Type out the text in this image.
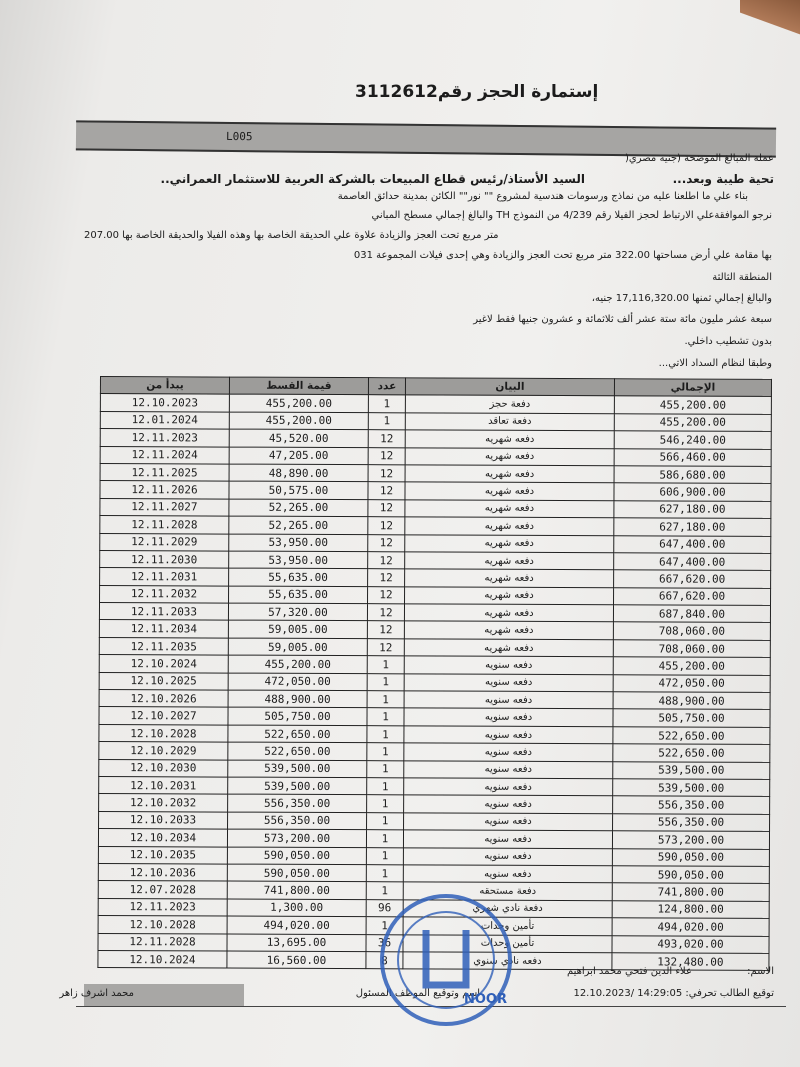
إستمارة الحجز رقم3112612
L005
عملة المبالغ الموضحة (جنيه مصري(
تحية طيبة وبعد...
السيد الأستاذ/رئيس قطاع المبيعات بالشركة العربية للاستثمار العمراني..
بناء علي ما اطلعنا عليه من نماذج ورسومات هندسية لمشروع "" نور"" الكائن بمدينة حدائق العاصمة
نرجو الموافقةعلي الارتباط لحجز الفيلا رقم 4/239 من النموذج TH والبالغ إجمالي مسطح المباني
207.00 متر مربع تحت العجز والزيادة علاوة علي الحديقة الخاصة بها وهذه الفيلا والحديقة الخاصة بها
بها مقامة علي أرض مساحتها 322.00 متر مربع تحت العجز والزيادة وهي إحدى فيلات المجموعة 031
المنطقة الثالثة
والبالغ إجمالي ثمنها 17,116,320.00 جنيه،
سبعة عشر مليون مائة ستة عشر ألف ثلاثمائة و عشرون جنيها فقط لاغير
بدون تشطيب داخلي.
وطبقا لنظام السداد الاتي...
يبدأ من	قيمة القسط	عدد	البيان	الإجمالي
12.10.2023	455,200.00	1	دفعة حجز	455,200.00
12.01.2024	455,200.00	1	دفعة تعاقد	455,200.00
12.11.2023	45,520.00	12	دفعه شهريه	546,240.00
12.11.2024	47,205.00	12	دفعه شهريه	566,460.00
12.11.2025	48,890.00	12	دفعه شهريه	586,680.00
12.11.2026	50,575.00	12	دفعه شهريه	606,900.00
12.11.2027	52,265.00	12	دفعه شهريه	627,180.00
12.11.2028	52,265.00	12	دفعه شهريه	627,180.00
12.11.2029	53,950.00	12	دفعه شهريه	647,400.00
12.11.2030	53,950.00	12	دفعه شهريه	647,400.00
12.11.2031	55,635.00	12	دفعه شهريه	667,620.00
12.11.2032	55,635.00	12	دفعه شهريه	667,620.00
12.11.2033	57,320.00	12	دفعه شهريه	687,840.00
12.11.2034	59,005.00	12	دفعه شهريه	708,060.00
12.11.2035	59,005.00	12	دفعه شهريه	708,060.00
12.10.2024	455,200.00	1	دفعه سنويه	455,200.00
12.10.2025	472,050.00	1	دفعه سنويه	472,050.00
12.10.2026	488,900.00	1	دفعه سنويه	488,900.00
12.10.2027	505,750.00	1	دفعه سنويه	505,750.00
12.10.2028	522,650.00	1	دفعه سنويه	522,650.00
12.10.2029	522,650.00	1	دفعه سنويه	522,650.00
12.10.2030	539,500.00	1	دفعه سنويه	539,500.00
12.10.2031	539,500.00	1	دفعه سنويه	539,500.00
12.10.2032	556,350.00	1	دفعه سنويه	556,350.00
12.10.2033	556,350.00	1	دفعه سنويه	556,350.00
12.10.2034	573,200.00	1	دفعه سنويه	573,200.00
12.10.2035	590,050.00	1	دفعه سنويه	590,050.00
12.10.2036	590,050.00	1	دفعه سنويه	590,050.00
12.07.2028	741,800.00	1	دفعة مستحقه	741,800.00
12.11.2023	1,300.00	96	دفعة نادي شهري	124,800.00
12.10.2028	494,020.00	1	تأمين وحدات	494,020.00
12.11.2028	13,695.00	36	تأمين وحدات	493,020.00
12.10.2024	16,560.00	8	دفعه نادي سنوي	132,480.00
الاسم:
علاء الدين فتحي محمد ابراهيم
توقيع الطالب تحرفي: 14:29:05 /12.10.2023
اسم وتوقيع الموظف المسئول
محمد اشرف زاهر	NOOR
